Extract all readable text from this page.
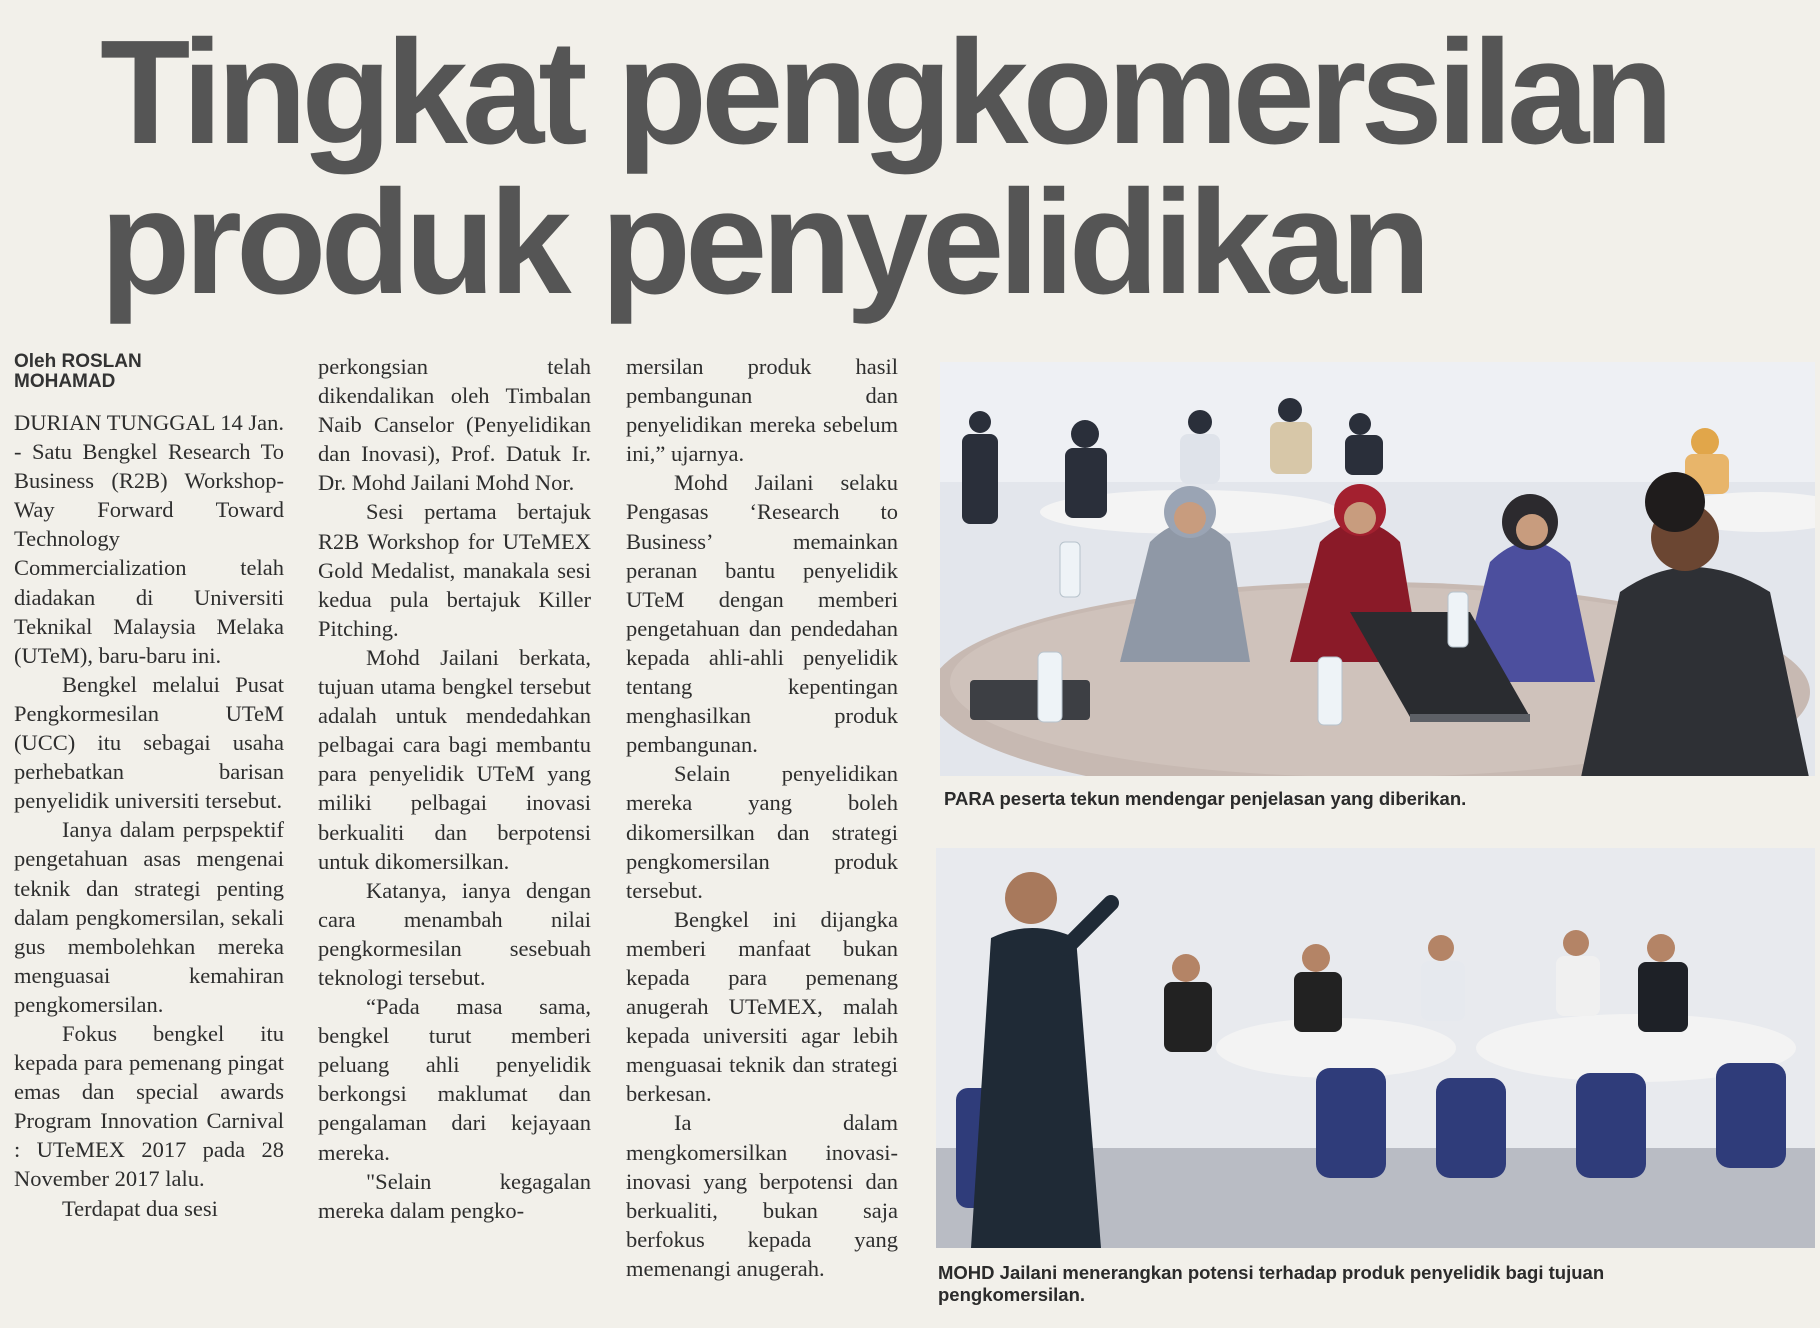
Tingkat pengkomersilan
produk penyelidikan
Oleh ROSLAN MOHAMAD

DURIAN TUNGGAL 14 Jan. - Satu Bengkel Research To Business (R2B) Workshop-Way Forward Toward Technology Commercialization telah diadakan di Universiti Teknikal Malaysia Melaka (UTeM), baru-baru ini.

Bengkel melalui Pusat Pengkormesilan UTeM (UCC) itu sebagai usaha perhebatkan barisan penyelidik universiti tersebut.

Ianya dalam perpspektif pengetahuan asas mengenai teknik dan strategi penting dalam pengkomersilan, sekali gus membolehkan mereka menguasai kemahiran pengkomersilan.

Fokus bengkel itu kepada para pemenang pingat emas dan special awards Program Innovation Carnival : UTeMEX 2017 pada 28 November 2017 lalu.

Terdapat dua sesi

perkongsian telah dikendalikan oleh Timbalan Naib Canselor (Penyelidikan dan Inovasi), Prof. Datuk Ir. Dr. Mohd Jailani Mohd Nor.

Sesi pertama bertajuk R2B Workshop for UTeMEX Gold Medalist, manakala sesi kedua pula bertajuk Killer Pitching.

Mohd Jailani berkata, tujuan utama bengkel tersebut adalah untuk mendedahkan pelbagai cara bagi membantu para penyelidik UTeM yang miliki pelbagai inovasi berkualiti dan berpotensi untuk dikomersilkan.

Katanya, ianya dengan cara menambah nilai pengkormesilan sesebuah teknologi tersebut.

“Pada masa sama, bengkel turut memberi peluang ahli penyelidik berkongsi maklumat dan pengalaman dari kejayaan mereka.

"Selain kegagalan mereka dalam pengko-

mersilan produk hasil pembangunan dan penyelidikan mereka sebelum ini,” ujarnya.

Mohd Jailani selaku Pengasas ‘Research to Business’ memainkan peranan bantu penyelidik UTeM dengan memberi pengetahuan dan pendedahan kepada ahli-ahli penyelidik tentang kepentingan menghasilkan produk pembangunan.

Selain penyelidikan mereka yang boleh dikomersilkan dan strategi pengkomersilan produk tersebut.

Bengkel ini dijangka memberi manfaat bukan kepada para pemenang anugerah UTeMEX, malah kepada universiti agar lebih menguasai teknik dan strategi berkesan.

Ia dalam mengkomersilkan inovasi-inovasi yang berpotensi dan berkualiti, bukan saja berfokus kepada yang memenangi anugerah.

PARA peserta tekun mendengar penjelasan yang diberikan.
MOHD Jailani menerangkan potensi terhadap produk penyelidik bagi tujuan pengkomersilan.
